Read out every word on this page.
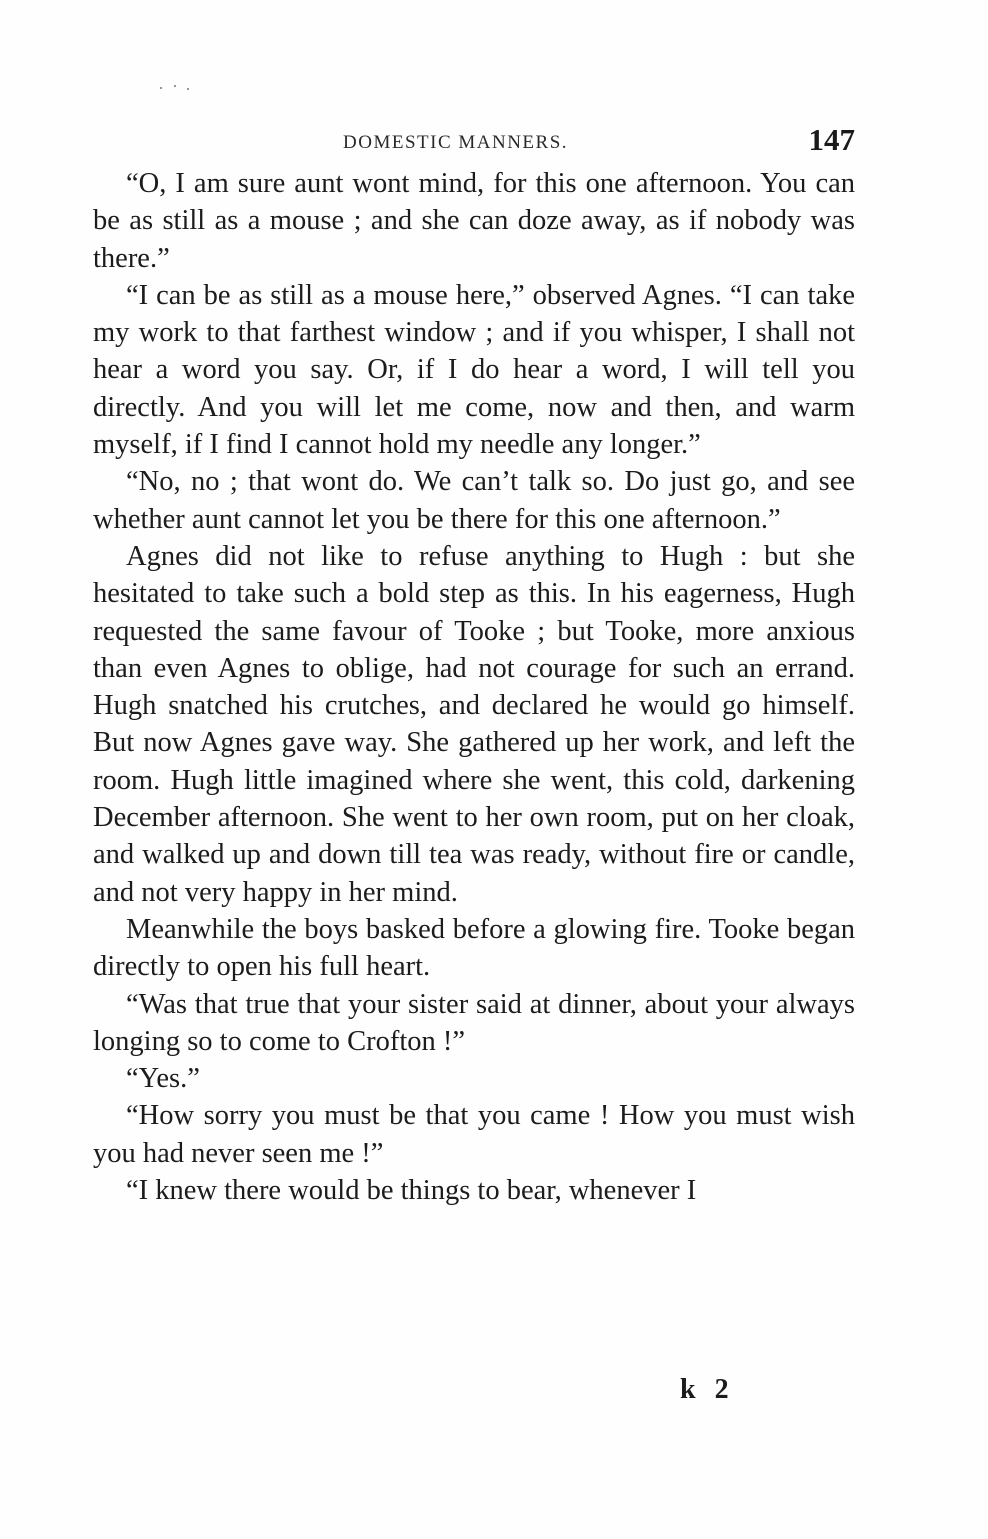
DOMESTIC MANNERS.	147

“O, I am sure aunt wont mind, for this one afternoon. You can be as still as a mouse ; and she can doze away, as if nobody was there.”

“I can be as still as a mouse here,” observed Agnes. “I can take my work to that farthest window ; and if you whisper, I shall not hear a word you say. Or, if I do hear a word, I will tell you directly. And you will let me come, now and then, and warm myself, if I find I cannot hold my needle any longer.”

“No, no ; that wont do. We can’t talk so. Do just go, and see whether aunt cannot let you be there for this one afternoon.”

Agnes did not like to refuse anything to Hugh : but she hesitated to take such a bold step as this. In his eagerness, Hugh requested the same favour of Tooke ; but Tooke, more anxious than even Agnes to oblige, had not courage for such an errand. Hugh snatched his crutches, and declared he would go himself. But now Agnes gave way. She gathered up her work, and left the room. Hugh little imagined where she went, this cold, darkening December afternoon. She went to her own room, put on her cloak, and walked up and down till tea was ready, without fire or candle, and not very happy in her mind.

Meanwhile the boys basked before a glowing fire. Tooke began directly to open his full heart.

“Was that true that your sister said at dinner, about your always longing so to come to Crofton !”

“Yes.”

“How sorry you must be that you came ! How you must wish you had never seen me !”

“I knew there would be things to bear, whenever I

k 2
